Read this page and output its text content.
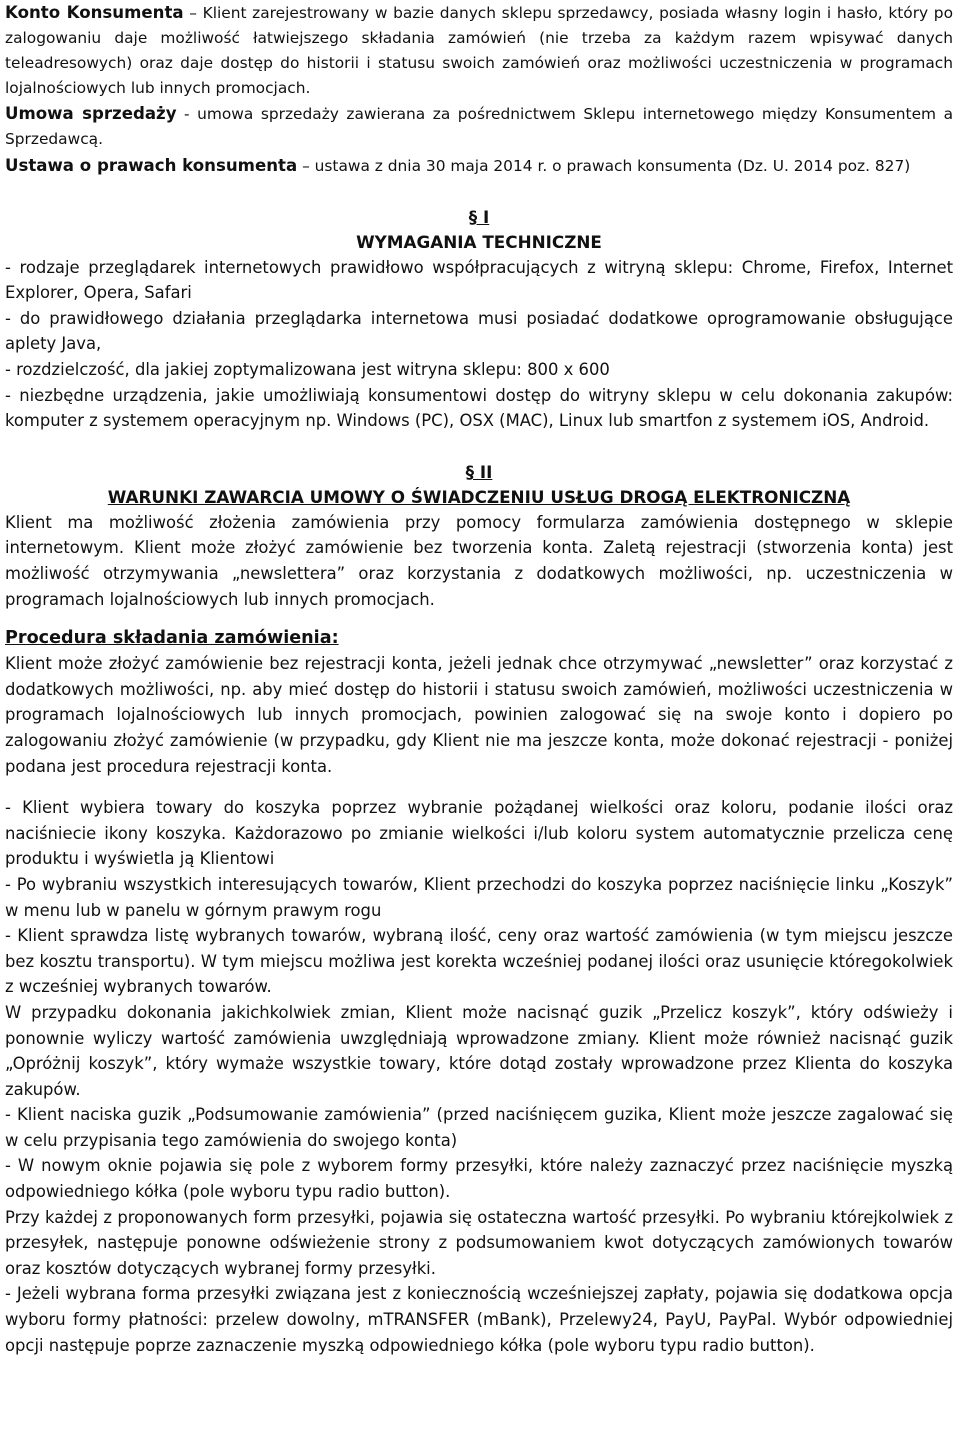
Konto Konsumenta – Klient zarejestrowany w bazie danych sklepu sprzedawcy, posiada własny login i hasło, który po zalogowaniu daje możliwość łatwiejszego składania zamówień (nie trzeba za każdym razem wpisywać danych teleadresowych) oraz daje dostęp do historii i statusu swoich zamówień oraz możliwości uczestniczenia w programach lojalnościowych lub innych promocjach.

Umowa sprzedaży - umowa sprzedaży zawierana za pośrednictwem Sklepu internetowego między Konsumentem a Sprzedawcą.

Ustawa o prawach konsumenta – ustawa z dnia 30 maja 2014 r. o prawach konsumenta (Dz. U. 2014 poz. 827)

§ I
WYMAGANIA TECHNICZNE

- rodzaje przeglądarek internetowych prawidłowo współpracujących z witryną sklepu: Chrome, Firefox, Internet Explorer, Opera, Safari

- do prawidłowego działania przeglądarka internetowa musi posiadać dodatkowe oprogramowanie obsługujące aplety Java,

- rozdzielczość, dla jakiej zoptymalizowana jest witryna sklepu: 800 x 600

- niezbędne urządzenia, jakie umożliwiają konsumentowi dostęp do witryny sklepu w celu dokonania zakupów: komputer z systemem operacyjnym np. Windows (PC), OSX (MAC), Linux lub smartfon z systemem iOS, Android.

§ II
WARUNKI ZAWARCIA UMOWY O ŚWIADCZENIU USŁUG DROGĄ ELEKTRONICZNĄ

Klient ma możliwość złożenia zamówienia przy pomocy formularza zamówienia dostępnego w sklepie internetowym. Klient może złożyć zamówienie bez tworzenia konta. Zaletą rejestracji (stworzenia konta) jest możliwość otrzymywania „newslettera” oraz korzystania z dodatkowych możliwości, np. uczestniczenia w programach lojalnościowych lub innych promocjach.

Procedura składania zamówienia:

Klient może złożyć zamówienie bez rejestracji konta, jeżeli jednak chce otrzymywać „newsletter” oraz korzystać z dodatkowych możliwości, np. aby mieć dostęp do historii i statusu swoich zamówień, możliwości uczestniczenia w programach lojalnościowych lub innych promocjach, powinien zalogować się na swoje konto i dopiero po zalogowaniu złożyć zamówienie (w przypadku, gdy Klient nie ma jeszcze konta, może dokonać rejestracji - poniżej podana jest procedura rejestracji konta.

- Klient wybiera towary do koszyka poprzez wybranie pożądanej wielkości oraz koloru, podanie ilości oraz naciśniecie ikony koszyka. Każdorazowo po zmianie wielkości i/lub koloru system automatycznie przelicza cenę produktu i wyświetla ją Klientowi

- Po wybraniu wszystkich interesujących towarów, Klient przechodzi do koszyka poprzez naciśnięcie linku „Koszyk” w menu lub w panelu w górnym prawym rogu

- Klient sprawdza listę wybranych towarów, wybraną ilość, ceny oraz wartość zamówienia (w tym miejscu jeszcze bez kosztu transportu). W tym miejscu możliwa jest korekta wcześniej podanej ilości oraz usunięcie któregokolwiek z wcześniej wybranych towarów.

W przypadku dokonania jakichkolwiek zmian, Klient może nacisnąć guzik „Przelicz koszyk”, który odświeży i ponownie wyliczy wartość zamówienia uwzględniają wprowadzone zmiany. Klient może również nacisnąć guzik „Opróżnij koszyk”, który wymaże wszystkie towary, które dotąd zostały wprowadzone przez Klienta do koszyka zakupów.

- Klient naciska guzik „Podsumowanie zamówienia” (przed naciśnięcem guzika, Klient może jeszcze zagalować się w celu przypisania tego zamówienia do swojego konta)

- W nowym oknie pojawia się pole z wyborem formy przesyłki, które należy zaznaczyć przez naciśnięcie myszką odpowiedniego kółka (pole wyboru typu radio button).

Przy każdej z proponowanych form przesyłki, pojawia się ostateczna wartość przesyłki. Po wybraniu którejkolwiek z przesyłek, następuje ponowne odświeżenie strony z podsumowaniem kwot dotyczących zamówionych towarów oraz kosztów dotyczących wybranej formy przesyłki.

- Jeżeli wybrana forma przesyłki związana jest z koniecznością wcześniejszej zapłaty, pojawia się dodatkowa opcja wyboru formy płatności: przelew dowolny, mTRANSFER (mBank), Przelewy24, PayU, PayPal. Wybór odpowiedniej opcji następuje poprze zaznaczenie myszką odpowiedniego kółka (pole wyboru typu radio button).
